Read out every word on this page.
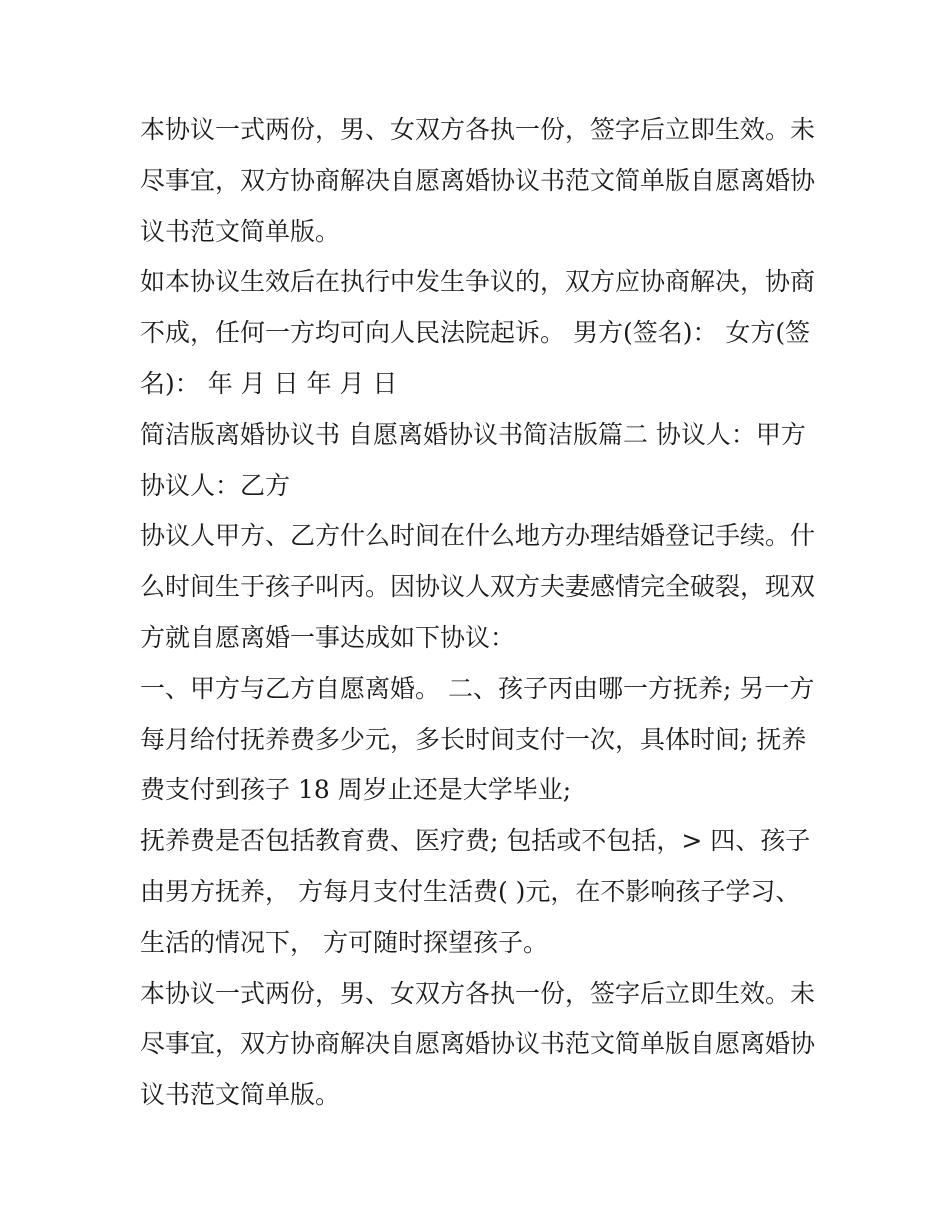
本协议一式两份，男、女双方各执一份，签字后立即生效。未
尽事宜，双方协商解决自愿离婚协议书范文简单版自愿离婚协
议书范文简单版。
如本协议生效后在执行中发生争议的，双方应协商解决，协商
不成，任何一方均可向人民法院起诉。 男方(签名)： 女方(签
名)： 年 月 日 年 月 日
简洁版离婚协议书 自愿离婚协议书简洁版篇二 协议人：甲方
协议人：乙方
协议人甲方、乙方什么时间在什么地方办理结婚登记手续。什
么时间生于孩子叫丙。因协议人双方夫妻感情完全破裂，现双
方就自愿离婚一事达成如下协议：
一、甲方与乙方自愿离婚。 二、孩子丙由哪一方抚养; 另一方
每月给付抚养费多少元，多长时间支付一次，具体时间; 抚养
费支付到孩子 18 周岁止还是大学毕业;
抚养费是否包括教育费、医疗费; 包括或不包括，> 四、孩子
由男方抚养， 方每月支付生活费( )元，在不影响孩子学习、
生活的情况下， 方可随时探望孩子。
本协议一式两份，男、女双方各执一份，签字后立即生效。未
尽事宜，双方协商解决自愿离婚协议书范文简单版自愿离婚协
议书范文简单版。
